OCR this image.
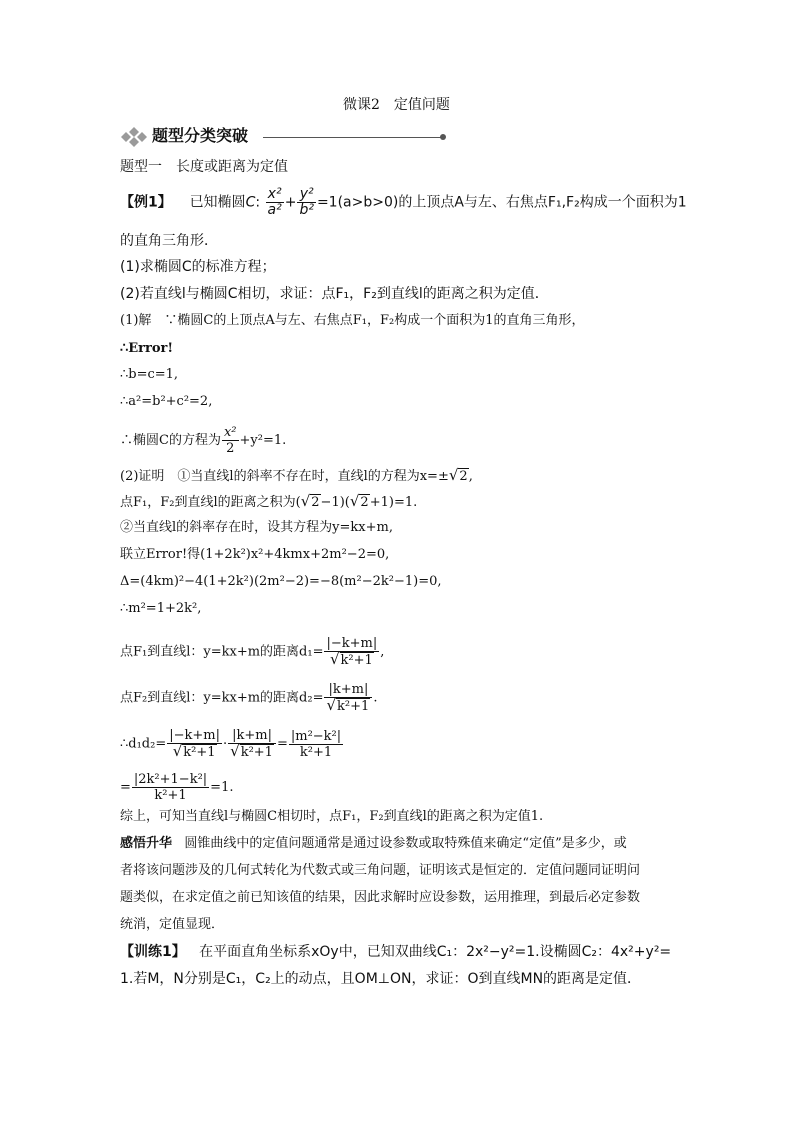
微课2　定值问题
题型分类突破
题型一　长度或距离为定值
【例1】 已知椭圆C: $\frac{\text{x²}}{\text{a²}} + \frac{\text{y²}}{\text{b²}} =1(a>b>0)$的上顶点A与左、右焦点F₁,F₂构成一个面积为1
的直角三角形．
(1)求椭圆C的标准方程；
(2)若直线l与椭圆C相切，求证：点F₁，F₂到直线l的距离之积为定值．
(1)解　∵椭圆C的上顶点A与左、右焦点F₁，F₂构成一个面积为1的直角三角形，
∴Error!
∴b=c=1,
∴a²=b²+c²=2,
∴椭圆C的方程为 $\frac{\text{x²}}{2} +y^2=1$.
(2)证明　①当直线l的斜率不存在时，直线l的方程为x=±√2,
点F₁，F₂到直线l的距离之积为(√2−1)(√2+1)=1.
②当直线l的斜率存在时，设其方程为y=kx+m,
联立Error!得(1+2k²)x²+4kmx+2m²−2=0,
Δ=(4km)²−4(1+2k²)(2m²−2)=−8(m²−2k²−1)=0,
∴m²=1+2k²,
点F₁到直线l：y=kx+m的距离$d_1= \frac{|-k+m|}{\text{√k²+1}}$ ,
点F₂到直线l：y=kx+m的距离$d_2= \frac{|k+m|}{\text{√k²+1}}$ .
∴d₁d₂= $\frac{|-k+m|}{\text{√k²+1}} \cdot \frac{|k+m|}{\text{√k²+1}} = \frac{\text{|m²−k²|}}{\text{k²+1}}$
= $\frac{\text{|2k²+1−k²|}}{\text{k²+1}} =1$.
综上，可知当直线l与椭圆C相切时，点F₁，F₂到直线l的距离之积为定值1.
感悟升华 圆锥曲线中的定值问题通常是通过设参数或取特殊值来确定“定值”是多少，或
者将该问题涉及的几何式转化为代数式或三角问题，证明该式是恒定的．定值问题同证明问
题类似，在求定值之前已知该值的结果，因此求解时应设参数，运用推理，到最后必定参数
统消，定值显现．
【训练1】 在平面直角坐标系xOy中，已知双曲线C₁：2x²−y²=1.设椭圆C₂：4x²+y²=
1.若M，N分别是C₁，C₂上的动点，且OM⊥ON，求证：O到直线MN的距离是定值．
